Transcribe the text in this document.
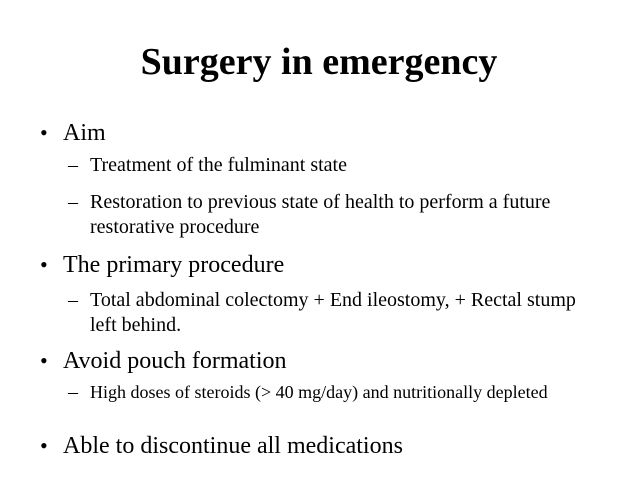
Surgery in emergency
• Aim
– Treatment of the fulminant state
– Restoration to previous state of health to perform a future restorative procedure
• The primary procedure
– Total abdominal colectomy + End ileostomy, + Rectal stump left behind.
• Avoid pouch formation
– High doses of steroids (> 40 mg/day) and nutritionally depleted
• Able to discontinue all medications
